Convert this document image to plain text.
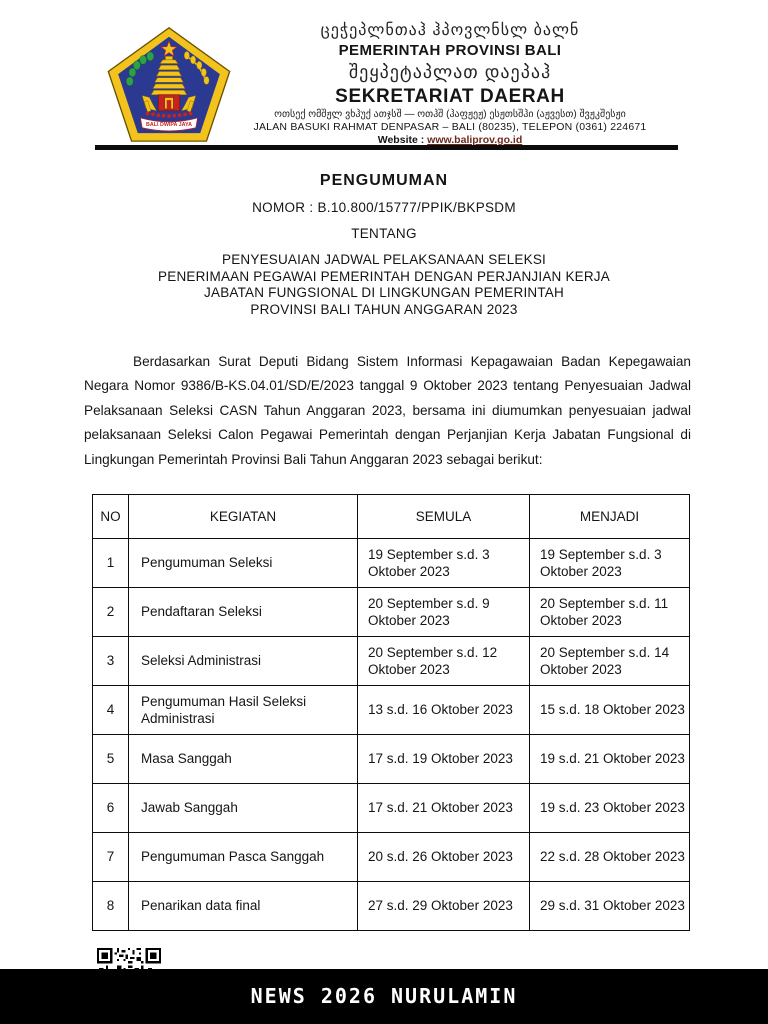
BALI DWIPA JAYA
ცეჭეპლნთაჰ ჰპოვლნსლ ბალნ
PEMERINTAH PROVINSI BALI
შეყპეტაპლათ დაეპაჰ
SEKRETARIAT DAERAH
ოთსექ ომშჟლ ვხჰუქ ათჯსშ — ოთჰშ (ჰაფჟეჟ) ესჟთსშჰი (აჟვესთ) შვჟკშესჟი
JALAN BASUKI RAHMAT DENPASAR – BALI (80235), TELEPON (0361) 224671
Website : www.baliprov.go.id
PENGUMUMAN
NOMOR : B.10.800/15777/PPIK/BKPSDM
TENTANG
PENYESUAIAN JADWAL PELAKSANAAN SELEKSI
PENERIMAAN PEGAWAI PEMERINTAH DENGAN PERJANJIAN KERJA
JABATAN FUNGSIONAL DI LINGKUNGAN PEMERINTAH
PROVINSI BALI TAHUN ANGGARAN 2023
Berdasarkan Surat Deputi Bidang Sistem Informasi Kepagawaian Badan Kepegawaian Negara Nomor 9386/B-KS.04.01/SD/E/2023 tanggal 9 Oktober 2023 tentang Penyesuaian Jadwal Pelaksanaan Seleksi CASN Tahun Anggaran 2023, bersama ini diumumkan penyesuaian jadwal pelaksanaan Seleksi Calon Pegawai Pemerintah dengan Perjanjian Kerja Jabatan Fungsional di Lingkungan Pemerintah Provinsi Bali Tahun Anggaran 2023 sebagai berikut:
NO	KEGIATAN	SEMULA	MENJADI
1	Pengumuman Seleksi	19 September s.d. 3 Oktober 2023	19 September s.d. 3 Oktober 2023
2	Pendaftaran Seleksi	20 September s.d. 9 Oktober 2023	20 September s.d. 11 Oktober 2023
3	Seleksi Administrasi	20 September s.d. 12 Oktober 2023	20 September s.d. 14 Oktober 2023
4	Pengumuman Hasil Seleksi Administrasi	13 s.d. 16 Oktober 2023	15 s.d. 18 Oktober 2023
5	Masa Sanggah	17 s.d. 19 Oktober 2023	19 s.d. 21 Oktober 2023
6	Jawab Sanggah	17 s.d. 21 Oktober 2023	19 s.d. 23 Oktober 2023
7	Pengumuman Pasca Sanggah	20 s.d. 26 Oktober 2023	22 s.d. 28 Oktober 2023
8	Penarikan data final	27 s.d. 29 Oktober 2023	29 s.d. 31 Oktober 2023
NEWS 2026 NURULAMIN
